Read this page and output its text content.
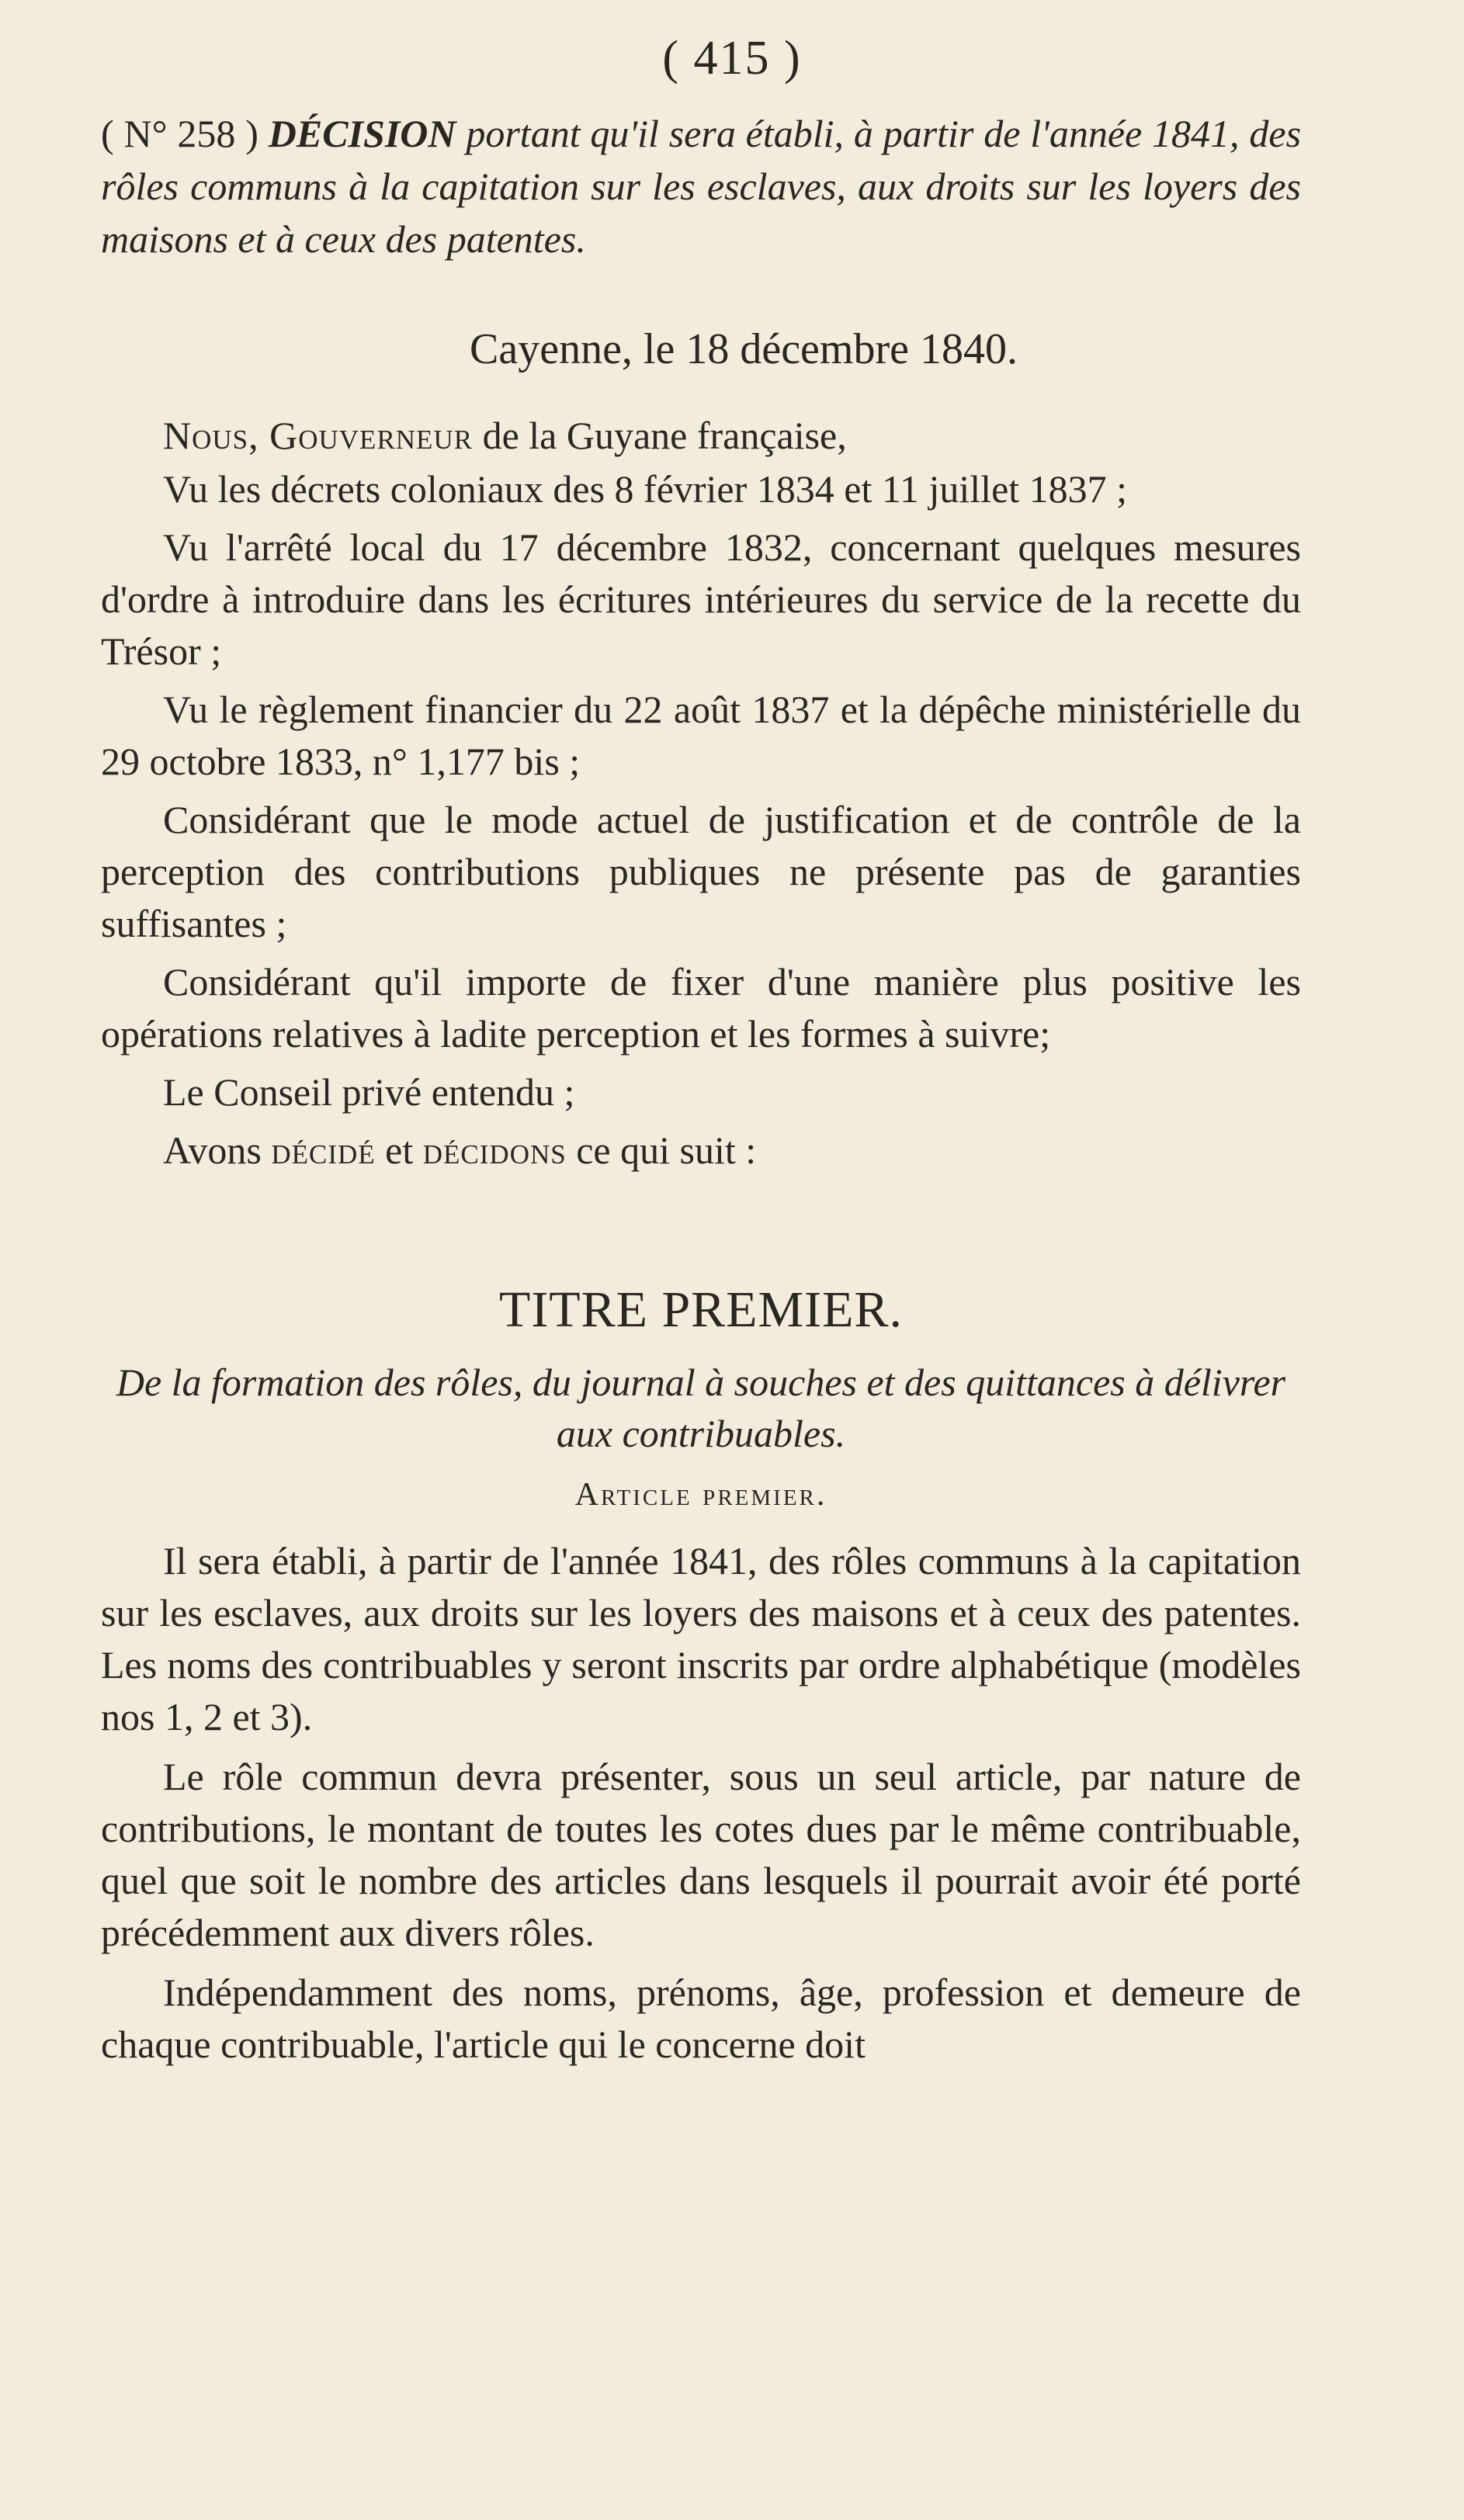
( 415 )
( N° 258 ) DÉCISION portant qu'il sera établi, à partir de l'année 1841, des rôles communs à la capitation sur les esclaves, aux droits sur les loyers des maisons et à ceux des patentes.
Cayenne, le 18 décembre 1840.

Nous, Gouverneur de la Guyane française,

Vu les décrets coloniaux des 8 février 1834 et 11 juillet 1837 ;

Vu l'arrêté local du 17 décembre 1832, concernant quelques mesures d'ordre à introduire dans les écritures intérieures du service de la recette du Trésor ;

Vu le règlement financier du 22 août 1837 et la dépêche ministérielle du 29 octobre 1833, n° 1,177 bis ;

Considérant que le mode actuel de justification et de contrôle de la perception des contributions publiques ne présente pas de garanties suffisantes ;

Considérant qu'il importe de fixer d'une manière plus positive les opérations relatives à ladite perception et les formes à suivre;

Le Conseil privé entendu ;

Avons décidé et décidons ce qui suit :

TITRE PREMIER.
De la formation des rôles, du journal à souches et des quittances à délivrer aux contribuables.
Article premier.

Il sera établi, à partir de l'année 1841, des rôles communs à la capitation sur les esclaves, aux droits sur les loyers des maisons et à ceux des patentes. Les noms des contribuables y seront inscrits par ordre alphabétique (modèles nos 1, 2 et 3).

Le rôle commun devra présenter, sous un seul article, par nature de contributions, le montant de toutes les cotes dues par le même contribuable, quel que soit le nombre des articles dans lesquels il pourrait avoir été porté précédemment aux divers rôles.

Indépendamment des noms, prénoms, âge, profession et demeure de chaque contribuable, l'article qui le concerne doit
